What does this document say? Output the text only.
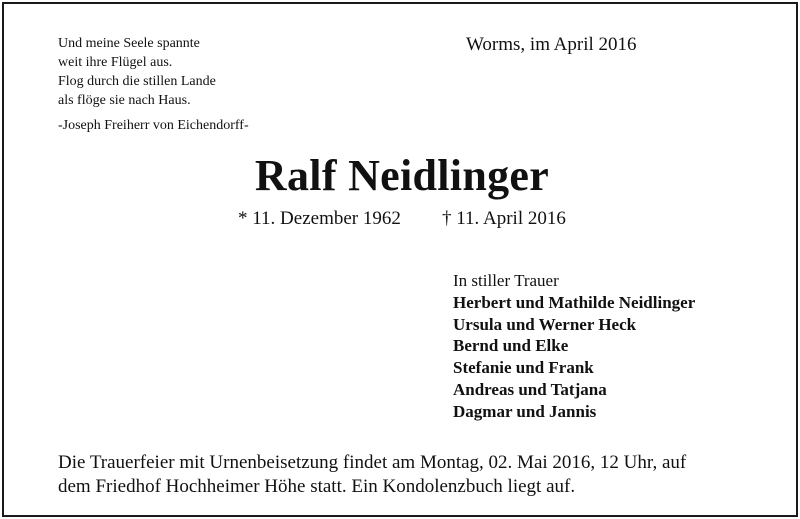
Und meine Seele spannte
weit ihre Flügel aus.
Flog durch die stillen Lande
als flöge sie nach Haus.
-Joseph Freiherr von Eichendorff-
Worms, im April 2016
Ralf Neidlinger
* 11. Dezember 1962 † 11. April 2016
In stiller Trauer
Herbert und Mathilde Neidlinger
Ursula und Werner Heck
Bernd und Elke
Stefanie und Frank
Andreas und Tatjana
Dagmar und Jannis
Die Trauerfeier mit Urnenbeisetzung findet am Montag, 02. Mai 2016, 12 Uhr, auf
dem Friedhof Hochheimer Höhe statt. Ein Kondolenzbuch liegt auf.
